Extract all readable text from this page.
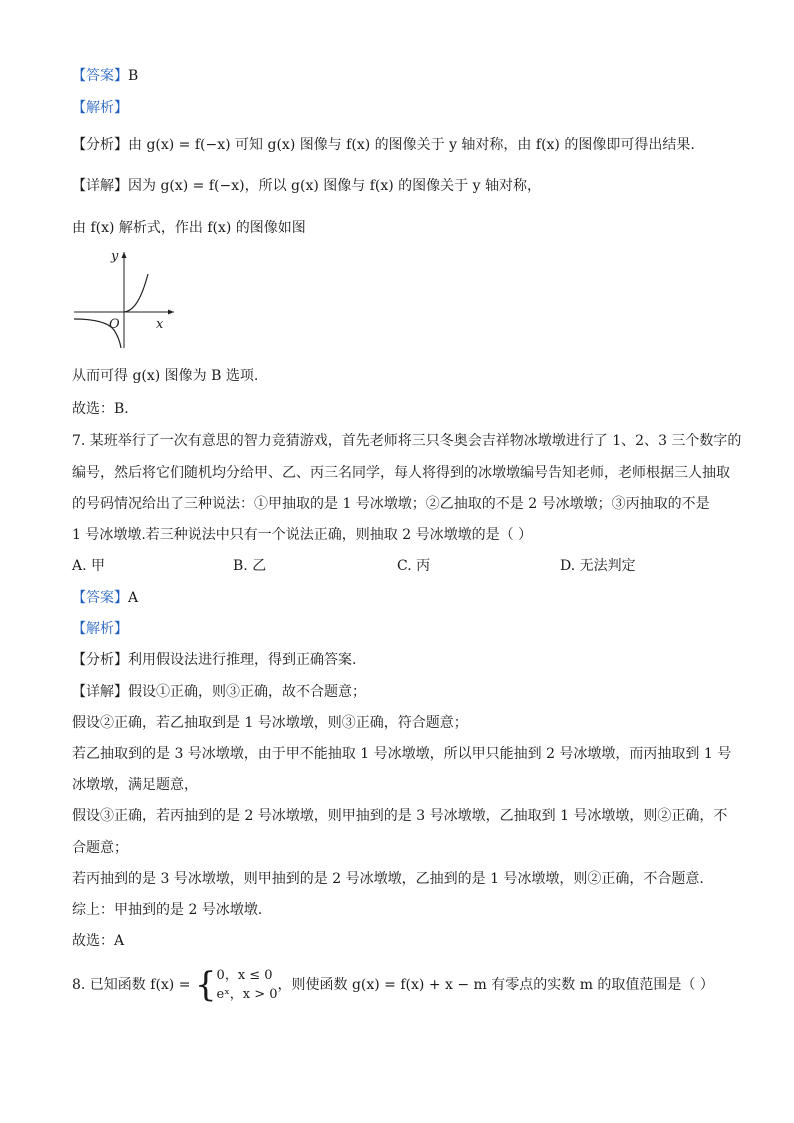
【答案】B
【解析】
【分析】由 g(x) = f(−x) 可知 g(x) 图像与 f(x) 的图像关于 y 轴对称，由 f(x) 的图像即可得出结果.
【详解】因为 g(x) = f(−x)，所以 g(x) 图像与 f(x) 的图像关于 y 轴对称，
由 f(x) 解析式，作出 f(x) 的图像如图
y
x
O
从而可得 g(x) 图像为 B 选项.
故选：B.
7. 某班举行了一次有意思的智力竞猜游戏，首先老师将三只冬奥会吉祥物冰墩墩进行了 1、2、3 三个数字的
编号，然后将它们随机均分给甲、乙、丙三名同学，每人将得到的冰墩墩编号告知老师，老师根据三人抽取
的号码情况给出了三种说法：①甲抽取的是 1 号冰墩墩；②乙抽取的不是 2 号冰墩墩；③丙抽取的不是
1 号冰墩墩.若三种说法中只有一个说法正确，则抽取 2 号冰墩墩的是（ ）
A. 甲	B. 乙	C. 丙	D. 无法判定
【答案】A
【解析】
【分析】利用假设法进行推理，得到正确答案.
【详解】假设①正确，则③正确，故不合题意；
假设②正确，若乙抽取到是 1 号冰墩墩，则③正确，符合题意；
若乙抽取到的是 3 号冰墩墩，由于甲不能抽取 1 号冰墩墩，所以甲只能抽到 2 号冰墩墩，而丙抽取到 1 号
冰墩墩，满足题意，
假设③正确，若丙抽到的是 2 号冰墩墩，则甲抽到的是 3 号冰墩墩，乙抽取到 1 号冰墩墩，则②正确，不
合题意；
若丙抽到的是 3 号冰墩墩，则甲抽到的是 2 号冰墩墩，乙抽到的是 1 号冰墩墩，则②正确，不合题意.
综上：甲抽到的是 2 号冰墩墩.
故选：A
8. 已知函数 f(x) = { 0，x ≤ 0
eˣ，x > 0
，则使函数 g(x) = f(x) + x − m 有零点的实数 m 的取值范围是（ ）
